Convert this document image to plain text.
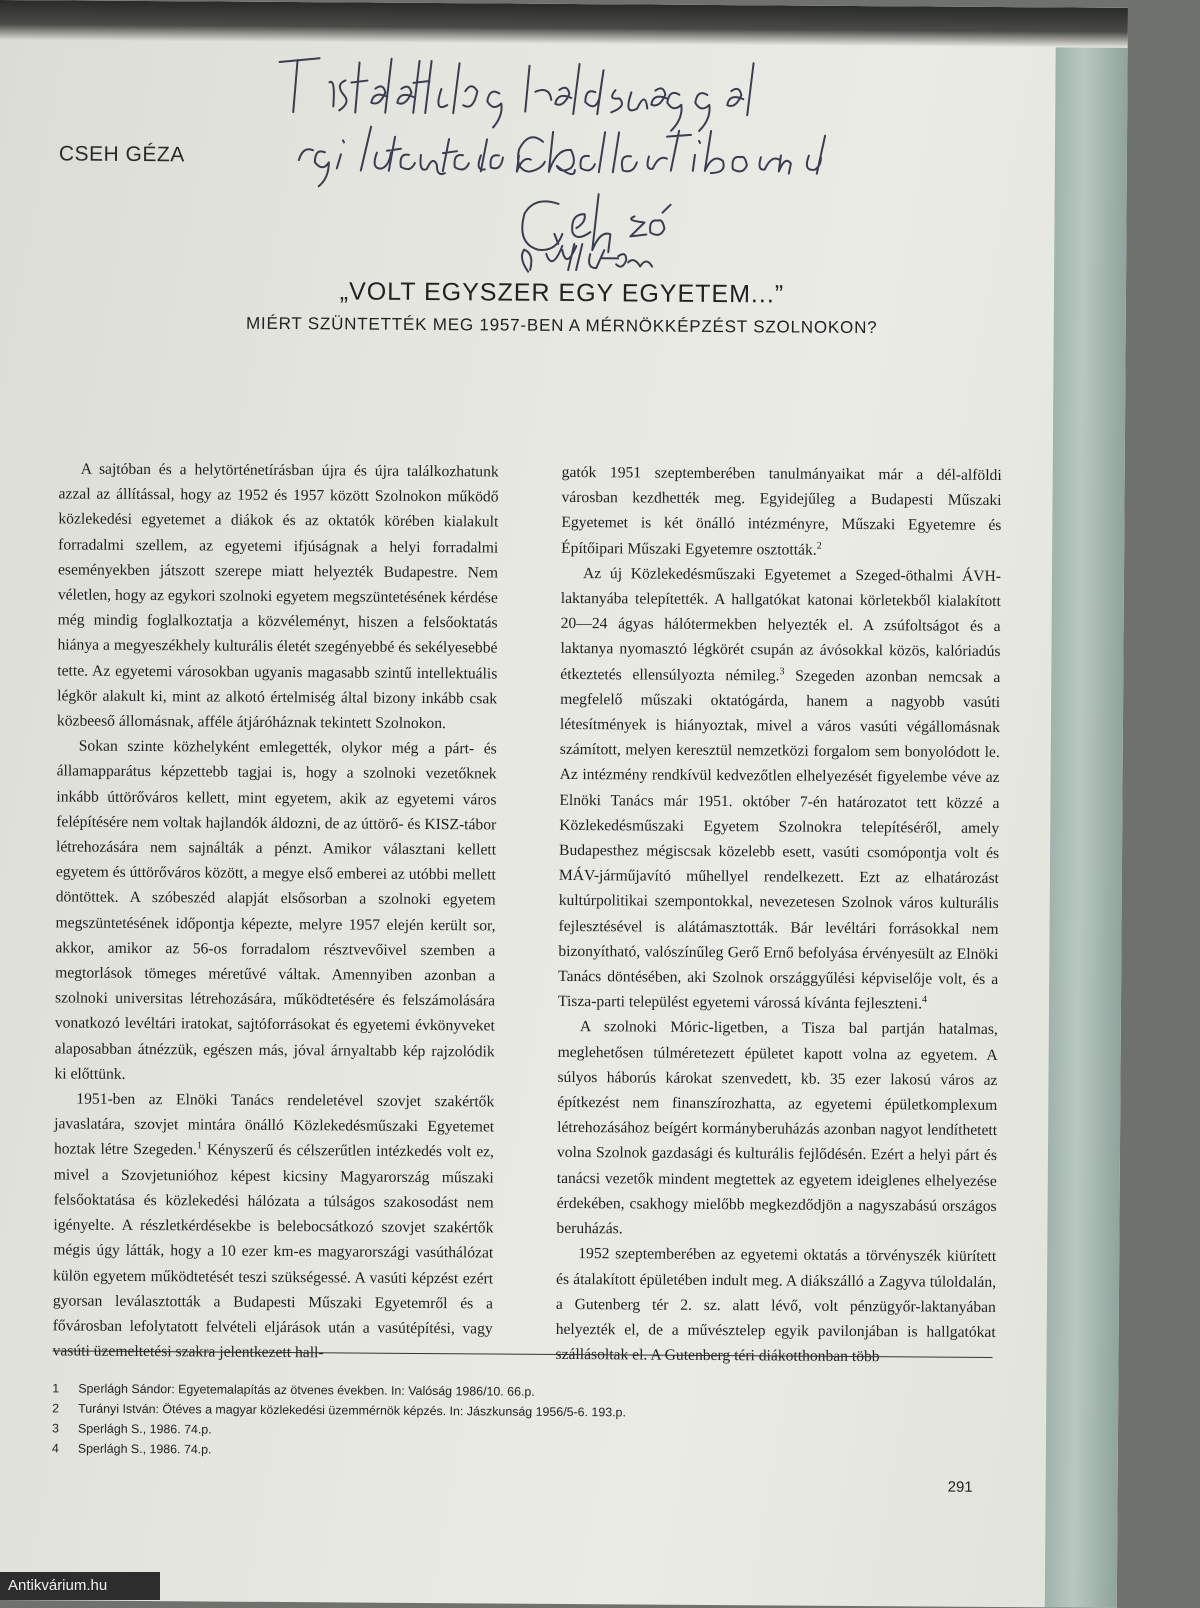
CSEH GÉZA
„VOLT EGYSZER EGY EGYETEM...”
MIÉRT SZÜNTETTÉK MEG 1957-BEN A MÉRNÖKKÉPZÉST SZOLNOKON?

A sajtóban és a helytörténetírásban újra és újra találkozhatunk azzal az állítással, hogy az 1952 és 1957 között Szolnokon működő közlekedési egyetemet a diákok és az oktatók körében kialakult forradalmi szellem, az egyetemi ifjúságnak a helyi forradalmi eseményekben játszott szerepe miatt helyezték Budapestre. Nem véletlen, hogy az egykori szolnoki egyetem megszüntetésének kérdése még mindig foglalkoztatja a közvéleményt, hiszen a felsőoktatás hiánya a megyeszékhely kulturális életét szegényebbé és sekélyesebbé tette. Az egyetemi városokban ugyanis magasabb szintű intellektuális légkör alakult ki, mint az alkotó értelmiség által bizony inkább csak közbeeső állomásnak, afféle átjáróháznak tekintett Szolnokon.

Sokan szinte közhelyként emlegették, olykor még a párt- és államapparátus képzettebb tagjai is, hogy a szolnoki vezetőknek inkább úttörőváros kellett, mint egyetem, akik az egyetemi város felépítésére nem voltak hajlandók áldozni, de az úttörő- és KISZ-tábor létrehozására nem sajnálták a pénzt. Amikor választani kellett egyetem és úttörőváros között, a megye első emberei az utóbbi mellett döntöttek. A szóbeszéd alapját elsősorban a szolnoki egyetem megszüntetésének időpontja képezte, melyre 1957 elején került sor, akkor, amikor az 56-os forradalom résztvevőivel szemben a megtorlások tömeges méretűvé váltak. Amennyiben azonban a szolnoki universitas létrehozására, működtetésére és felszámolására vonatkozó levéltári iratokat, sajtóforrásokat és egyetemi évkönyveket alaposabban átnézzük, egészen más, jóval árnyaltabb kép rajzolódik ki előttünk.

1951-ben az Elnöki Tanács rendeletével szovjet szakértők javaslatára, szovjet mintára önálló Közlekedésműszaki Egyetemet hoztak létre Szegeden.$^1$ Kényszerű és célszerűtlen intézkedés volt ez, mivel a Szovjetunióhoz képest kicsiny Magyarország műszaki felsőoktatása és közlekedési hálózata a túlságos szakosodást nem igényelte. A részletkérdésekbe is belebocsátkozó szovjet szakértők mégis úgy látták, hogy a 10 ezer km-es magyarországi vasúthálózat külön egyetem működtetését teszi szükségessé. A vasúti képzést ezért gyorsan leválasztották a Budapesti Műszaki Egyetemről és a fővárosban lefolytatott felvételi eljárások után a vasútépítési, vagy vasúti üzemeltetési szakra jelentkezett hall-

gatók 1951 szeptemberében tanulmányaikat már a dél-alföldi városban kezdhették meg. Egyidejűleg a Budapesti Műszaki Egyetemet is két önálló intézményre, Műszaki Egyetemre és Építőipari Műszaki Egyetemre osztották.$^2$

Az új Közlekedésműszaki Egyetemet a Szeged-öthalmi ÁVH-laktanyába telepítették. A hallgatókat katonai körletekből kialakított 20—24 ágyas hálótermekben helyezték el. A zsúfoltságot és a laktanya nyomasztó légkörét csupán az ávósokkal közös, kalóriadús étkeztetés ellensúlyozta némileg.$^3$ Szegeden azonban nemcsak a megfelelő műszaki oktatógárda, hanem a nagyobb vasúti létesítmények is hiányoztak, mivel a város vasúti végállomásnak számított, melyen keresztül nemzetközi forgalom sem bonyolódott le. Az intézmény rendkívül kedvezőtlen elhelyezését figyelembe véve az Elnöki Tanács már 1951. október 7-én határozatot tett közzé a Közlekedésműszaki Egyetem Szolnokra telepítéséről, amely Budapesthez mégiscsak közelebb esett, vasúti csomópontja volt és MÁV-járműjavító műhellyel rendelkezett. Ezt az elhatározást kultúrpolitikai szempontokkal, nevezetesen Szolnok város kulturális fejlesztésével is alátámasztották. Bár levéltári forrásokkal nem bizonyítható, valószínűleg Gerő Ernő befolyása érvényesült az Elnöki Tanács döntésében, aki Szolnok országgyűlési képviselője volt, és a Tisza-parti települést egyetemi várossá kívánta fejleszteni.$^4$

A szolnoki Móric-ligetben, a Tisza bal partján hatalmas, meglehetősen túlméretezett épületet kapott volna az egyetem. A súlyos háborús károkat szenvedett, kb. 35 ezer lakosú város az építkezést nem finanszírozhatta, az egyetemi épületkomplexum létrehozásához beígért kormányberuházás azonban nagyot lendíthetett volna Szolnok gazdasági és kulturális fejlődésén. Ezért a helyi párt és tanácsi vezetők mindent megtettek az egyetem ideiglenes elhelyezése érdekében, csakhogy mielőbb megkezdődjön a nagyszabású országos beruházás.

1952 szeptemberében az egyetemi oktatás a törvényszék kiürített és átalakított épületében indult meg. A diákszálló a Zagyva túloldalán, a Gutenberg tér 2. sz. alatt lévő, volt pénzügyőr-laktanyában helyezték el, de a művésztelep egyik pavilonjában is hallgatókat szállásoltak el. A Gutenberg téri diákotthonban több

1	Sperlágh Sándor: Egyetemalapítás az ötvenes években. In: Valóság 1986/10. 66.p.
2	Turányi István: Ötéves a magyar közlekedési üzemmérnök képzés. In: Jászkunság 1956/5-6. 193.p.
3	Sperlágh S., 1986. 74.p.
4	Sperlágh S., 1986. 74.p.
291
Antikvárium.hu
